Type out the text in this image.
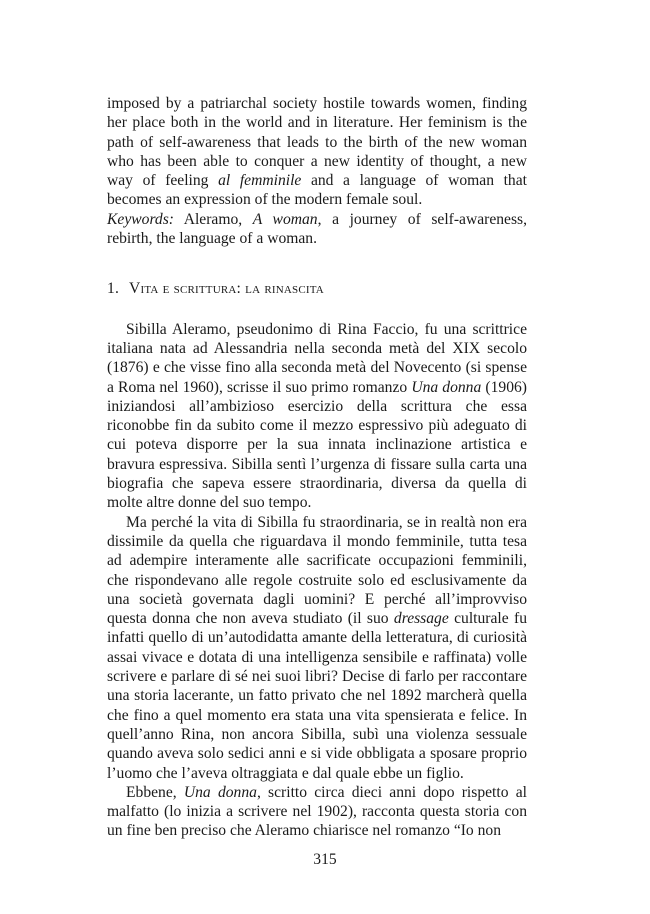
imposed by a patriarchal society hostile towards women, finding her place both in the world and in literature. Her feminism is the path of self-awareness that leads to the birth of the new woman who has been able to conquer a new identity of thought, a new way of feeling al femminile and a language of woman that becomes an expression of the modern female soul.

Keywords: Aleramo, A woman, a journey of self-awareness, rebirth, the language of a woman.

1. Vita e scrittura: la rinascita

Sibilla Aleramo, pseudonimo di Rina Faccio, fu una scrittrice italiana nata ad Alessandria nella seconda metà del XIX secolo (1876) e che visse fino alla seconda metà del Novecento (si spense a Roma nel 1960), scrisse il suo primo romanzo Una donna (1906) iniziandosi all’ambizioso esercizio della scrittura che essa riconobbe fin da subito come il mezzo espressivo più adeguato di cui poteva disporre per la sua innata inclinazione artistica e bravura espressiva. Sibilla sentì l’urgenza di fissare sulla carta una biografia che sapeva essere straordinaria, diversa da quella di molte altre donne del suo tempo.

Ma perché la vita di Sibilla fu straordinaria, se in realtà non era dissimile da quella che riguardava il mondo femminile, tutta tesa ad adempire interamente alle sacrificate occupazioni femminili, che rispondevano alle regole costruite solo ed esclusivamente da una società governata dagli uomini? E perché all’improvviso questa donna che non aveva studiato (il suo dressage culturale fu infatti quello di un’autodidatta amante della letteratura, di curiosità assai vivace e dotata di una intelligenza sensibile e raffinata) volle scrivere e parlare di sé nei suoi libri? Decise di farlo per raccontare una storia lacerante, un fatto privato che nel 1892 marcherà quella che fino a quel momento era stata una vita spensierata e felice. In quell’anno Rina, non ancora Sibilla, subì una violenza sessuale quando aveva solo sedici anni e si vide obbligata a sposare proprio l’uomo che l’aveva oltraggiata e dal quale ebbe un figlio.

Ebbene, Una donna, scritto circa dieci anni dopo rispetto al malfatto (lo inizia a scrivere nel 1902), racconta questa storia con un fine ben preciso che Aleramo chiarisce nel romanzo “Io non

315
